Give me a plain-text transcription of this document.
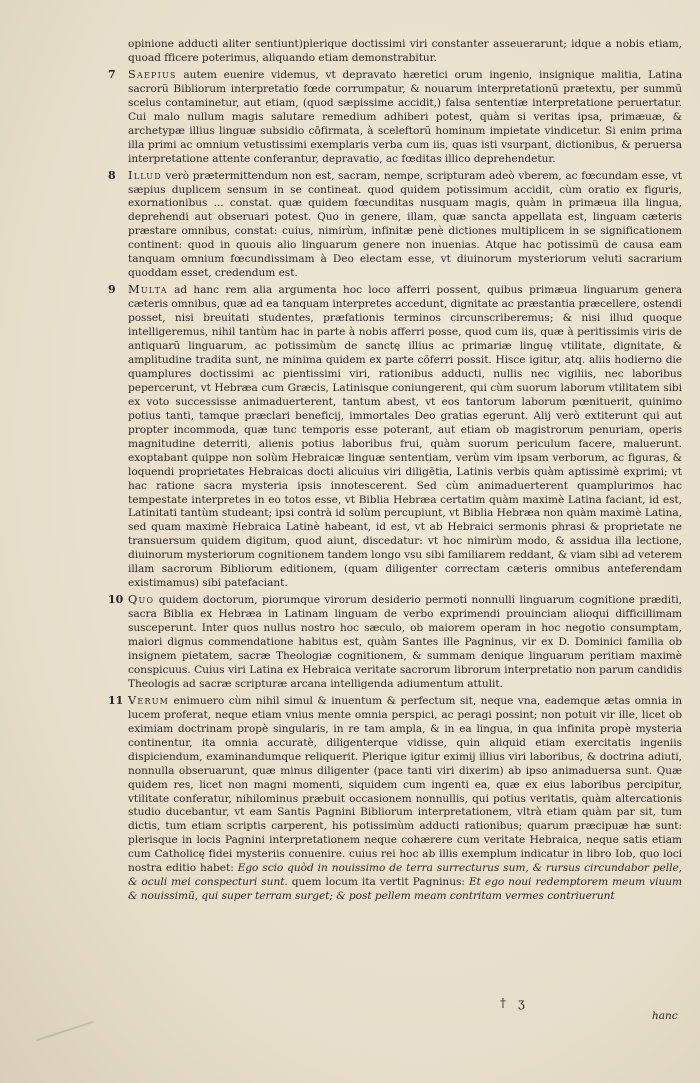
opinione adducti aliter sentiunt)plerique doctissimi viri constanter asseuerarunt; idque a nobis etiam, quoad fficere poterimus, aliquando etiam demonstrabitur.

7 Saepius autem euenire videmus, vt depravato hæretici orum ingenio, insignique malitia, Latina sacrorũ Bibliorum interpretatio fœde corrumpatur, & nouarum interpretationũ prætextu, per summũ scelus contaminetur, aut etiam, (quod sæpissime accidit,) falsa sententiæ interpretatione peruertatur. Cui malo nullum magis salutare remedium adhiberi potest, quàm si veritas ipsa, primæuæ, & archetypæ illius linguæ subsidio cōfirmata, à sceleftorũ hominum impietate vindicetur. Si enim prima illa primi ac omnium vetustissimi exemplaris verba cum iis, quas isti vsurpant, dictionibus, & peruersa interpretatione attente conferantur, depravatio, ac fœditas illico deprehendetur.

8 Illud verò prætermittendum non est, sacram, nempe, scripturam adeò vberem, ac fœcundam esse, vt sæpius duplicem sensum in se contineat. quod quidem potissimum accidit, cùm oratio ex figuris, exornationibus ... constat. quæ quidem fœcunditas nusquam magis, quàm in primæua illa lingua, deprehendi aut obseruari potest. Quo in genere, illam, quæ sancta appellata est, linguam cæteris præstare omnibus, constat: cuius, nimirùm, infinitæ penè dictiones multiplicem in se significationem continent: quod in quouis alio linguarum genere non inuenias. Atque hac potissimũ de causa eam tanquam omnium fœcundissimam à Deo electam esse, vt diuinorum mysteriorum veluti sacrarium quoddam esset, credendum est.

9 Multa ad hanc rem alia argumenta hoc loco afferri possent, quibus primæua linguarum genera cæteris omnibus, quæ ad ea tanquam interpretes accedunt, dignitate ac præstantia præcellere, ostendi posset, nisi breuitati studentes, præfationis terminos circunscriberemus; & nisi illud quoque intelligeremus, nihil tantùm hac in parte à nobis afferri posse, quod cum iis, quæ à peritissimis viris de antiquarũ linguarum, ac potissimùm de sanctę illius ac primariæ linguę vtilitate, dignitate, & amplitudine tradita sunt, ne minima quidem ex parte cōferri possit. Hisce igitur, atq. aliis hodierno die quamplures doctissimi ac pientissimi viri, rationibus adducti, nullis nec vigiliis, nec laboribus pepercerunt, vt Hebræa cum Græcis, Latinisque coniungerent, qui cùm suorum laborum vtilitatem sibi ex voto successisse animaduerterent, tantum abest, vt eos tantorum laborum pœnituerit, quinimo potius tanti, tamque præclari beneficij, immortales Deo gratias egerunt. Alij verò extiterunt qui aut propter incommoda, quæ tunc temporis esse poterant, aut etiam ob magistrorum penuriam, operis magnitudine deterriti, alienis potius laboribus frui, quàm suorum periculum facere, maluerunt. exoptabant quippe non solùm Hebraicæ linguæ sententiam, verùm vim ipsam verborum, ac figuras, & loquendi proprietates Hebraicas docti alicuius viri diligētia, Latinis verbis quàm aptissimè exprimi; vt hac ratione sacra mysteria ipsis innotescerent. Sed cùm animaduerterent quamplurimos hac tempestate interpretes in eo totos esse, vt Biblia Hebræa certatim quàm maximè Latina faciant, id est, Latinitati tantùm studeant; ipsi contrà id solùm percupiunt, vt Biblia Hebræa non quàm maximè Latina, sed quam maximè Hebraica Latinè habeant, id est, vt ab Hebraici sermonis phrasi & proprietate ne transuersum quidem digitum, quod aiunt, discedatur: vt hoc nimirùm modo, & assidua illa lectione, diuinorum mysteriorum cognitionem tandem longo vsu sibi familiarem reddant, & viam sibi ad veterem illam sacrorum Bibliorum editionem, (quam diligenter correctam cæteris omnibus anteferendam existimamus) sibi patefaciant.

10 Quo quidem doctorum, piorumque virorum desiderio permoti nonnulli linguarum cognitione præditi, sacra Biblia ex Hebræa in Latinam linguam de verbo exprimendi prouinciam alioqui difficillimam susceperunt. Inter quos nullus nostro hoc sæculo, ob maiorem operam in hoc negotio consumptam, maiori dignus commendatione habitus est, quàm Santes ille Pagninus, vir ex D. Dominici familia ob insignem pietatem, sacræ Theologiæ cognitionem, & summam denique linguarum peritiam maximè conspicuus. Cuius viri Latina ex Hebraica veritate sacrorum librorum interpretatio non parum candidis Theologis ad sacræ scripturæ arcana intelligenda adiumentum attulit.

11 Verum enimuero cùm nihil simul & inuentum & perfectum sit, neque vna, eademque ætas omnia in lucem proferat, neque etiam vnius mente omnia perspici, ac peragi possint; non potuit vir ille, licet ob eximiam doctrinam propè singularis, in re tam ampla, & in ea lingua, in qua infinita propè mysteria continentur, ita omnia accuratè, diligenterque vidisse, quin aliquid etiam exercitatis ingeniis dispiciendum, examinandumque reliquerit. Plerique igitur eximij illius viri laboribus, & doctrina adiuti, nonnulla obseruarunt, quæ minus diligenter (pace tanti viri dixerim) ab ipso animaduersa sunt. Quæ quidem res, licet non magni momenti, siquidem cum ingenti ea, quæ ex eius laboribus percipitur, vtilitate conferatur, nihilominus præbuit occasionem nonnullis, qui potius veritatis, quàm altercationis studio ducebantur, vt eam Santis Pagnini Bibliorum interpretationem, vltrà etiam quàm par sit, tum dictis, tum etiam scriptis carperent, his potissimùm adducti rationibus; quarum præcipuæ hæ sunt: plerisque in locis Pagnini interpretationem neque cohærere cum veritate Hebraica, neque satis etiam cum Catholicę fidei mysteriis conuenire. cuius rei hoc ab illis exemplum indicatur in libro Iob, quo loci nostra editio habet: Ego scio quòd in nouissimo de terra surrecturus sum, & rursus circundabor pelle, & oculi mei conspecturi sunt. quem locum ita vertit Pagninus: Et ego noui redemptorem meum viuum & nouissimũ, qui super terram surget; & post pellem meam contritam vermes contriuerunt

† ʒ
hanc
